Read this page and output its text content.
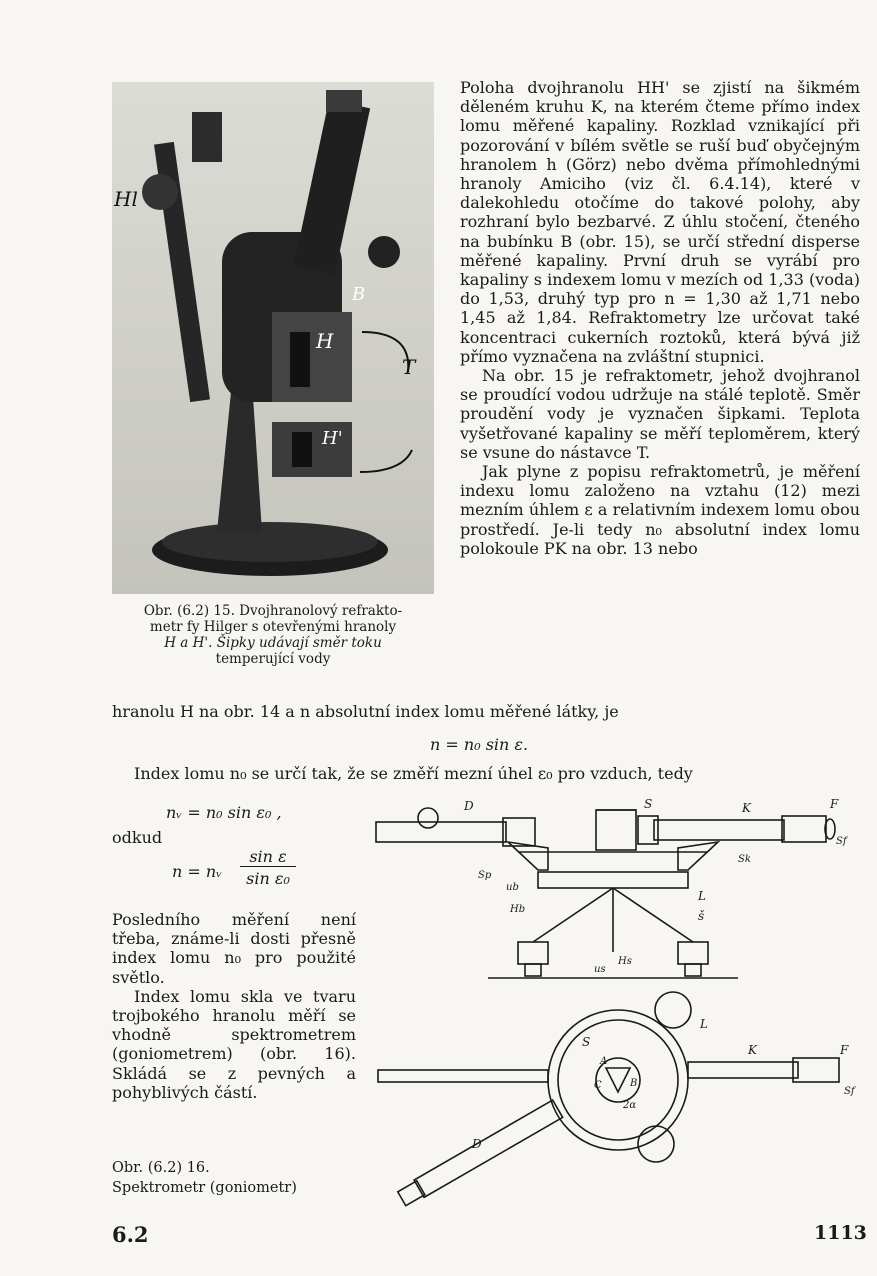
Hl
B
H
T
H'
Obr. (6.2) 15. Dvojhranolový refrakto-
metr fy Hilger s otevřenými hranoly
H a H'. Šipky udávají směr toku
temperující vody

Poloha dvojhranolu HH' se zjistí na šikmém děleném kruhu K, na kterém čteme přímo index lomu měřené kapaliny. Rozklad vznikající při pozorování v bílém světle se ruší buď obyčejným hranolem h (Görz) nebo dvěma přímohlednými hranoly Amiciho (viz čl. 6.4.14), které v dalekohledu otočíme do takové polohy, aby rozhraní bylo bezbarvé. Z úhlu stočení, čteného na bubínku B (obr. 15), se určí střední disperse měřené kapaliny. První druh se vyrábí pro kapaliny s indexem lomu v mezích od 1,33 (voda) do 1,53, druhý typ pro n = 1,30 až 1,71 nebo 1,45 až 1,84. Refraktometry lze určovat také koncentraci cukerních roztoků, která bývá již přímo vyznačena na zvláštní stupnici.

Na obr. 15 je refraktometr, jehož dvojhranol se proudící vodou udržuje na stálé teplotě. Směr proudění vody je vyznačen šipkami. Teplota vyšetřované kapaliny se měří teploměrem, který se vsune do nástavce T.

Jak plyne z popisu refraktometrů, je měření indexu lomu založeno na vztahu (12) mezi mezním úhlem ε a relativním indexem lomu obou prostředí. Je-li tedy n₀ absolutní index lomu polokoule PK na obr. 13 nebo

hranolu H na obr. 14 a n absolutní index lomu měřené látky, je
n = n₀ sin ε.
Index lomu n₀ se určí tak, že se změří mezní úhel ε₀ pro vzduch, tedy
nᵥ = n₀ sin ε₀ ,
odkud
n = nᵥ
sin ε
sin ε₀

Posledního měření není třeba, známe-li dosti přesně index lomu n₀ pro použité světlo.

Index lomu skla ve tvaru trojbokého hranolu měří se vhodně spektrometrem (goniometrem) (obr. 16). Skládá se z pevných a pohyblivých částí.

Obr. (6.2) 16.
Spektrometr (goniometr)
D	S	K	F
Sf
Sp
Sk
ub
Hb
L
š
us
Hs
L
S
K	F
Sf
A
C	B
2α
D
6.2	1113
